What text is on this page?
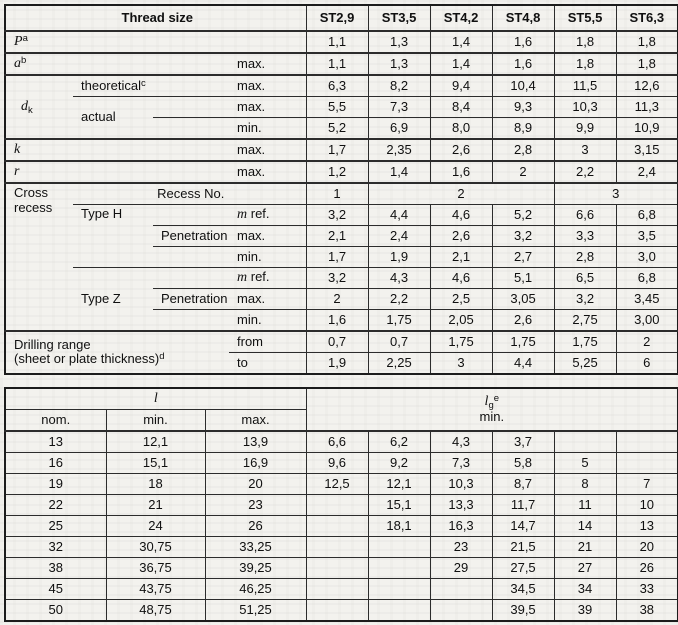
Thread size				ST2,9	ST3,5	ST4,2	ST4,8	ST5,5	ST6,3
$P^a$				1,1	1,3	1,4	1,6	1,8	1,8
$a^b$			max.	1,1	1,3	1,4	1,6	1,8	1,8
$d_k$	theoretical$^c$		max.	6,3	8,2	9,4	10,4	11,5	12,6
	actual		max.	5,5	7,3	8,4	9,3	10,3	11,3
			min.	5,2	6,9	8,0	8,9	9,9	10,9
k			max.	1,7	2,35	2,6	2,8	3	3,15
r			max.	1,2	1,4	1,6	2	2,2	2,4
Cross
recess	Recess No.			1	2			3	
	Type H		m ref.	3,2	4,4	4,6	5,2	6,6	6,8
		Penetration	max.	2,1	2,4	2,6	3,2	3,3	3,5
			min.	1,7	1,9	2,1	2,7	2,8	3,0
	Type Z		m ref.	3,2	4,3	4,6	5,1	6,5	6,8
		Penetration	max.	2	2,2	2,5	3,05	3,2	3,45
			min.	1,6	1,75	2,05	2,6	2,75	3,00
Drilling range
(sheet or plate thickness)$^d$			from	0,7	0,7	1,75	1,75	1,75	2
			to	1,9	2,25	3	4,4	5,25	6
l			$l_g^e$
min.					
nom.	min.	max.						
13	12,1	13,9	6,6	6,2	4,3	3,7		
16	15,1	16,9	9,6	9,2	7,3	5,8	5	
19	18	20	12,5	12,1	10,3	8,7	8	7
22	21	23		15,1	13,3	11,7	11	10
25	24	26		18,1	16,3	14,7	14	13
32	30,75	33,25			23	21,5	21	20
38	36,75	39,25			29	27,5	27	26
45	43,75	46,25				34,5	34	33
50	48,75	51,25				39,5	39	38
